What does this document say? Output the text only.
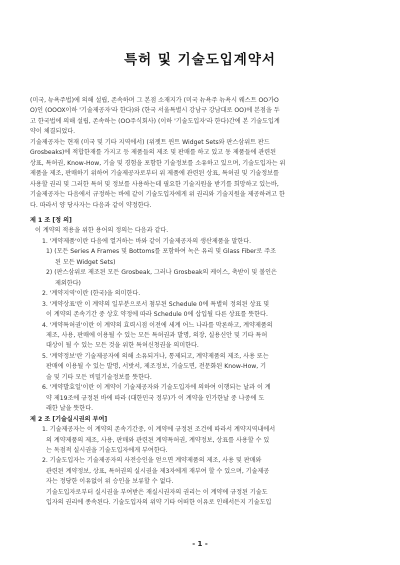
특허 및 기술도입계약서

(미국, 뉴욕주법)에 의해 설립, 존속하며 그 본점 소재지가 (미국 뉴욕주 뉴욕시 웨스트 OO가O

O)인 (OOOX이하 '기술제공자'라 한다)와 (한국 서울특별시 강남구 강남대로 OO)에 본점을 두

고 한국법에 의해 설립, 존속하는 (OO주식회사) (이하 '기술도입자'라 한다)간에 본 기술도입계

약이 체결되었다.

기술제공자는 현재 (미국 및 기타 지역에서) (위젯트 윈트 Widget Sets와 판스삼위트 판드

Grosbeaks)에 적합한재를 가지고 등 제품들의 제조 및 판매를 하고 있고 동 제품들에 관련된

상표, 특허권, Know-How, 기술 및 경험을 포함한 기술정보를 소유하고 있으며, 기술도입자는 위

제품을 제조, 판매하기 위하여 기술제공자로부터 위 제품에 관련된 상표, 특허권 및 기술정보를

사용할 권리 및 그러한 특허 및 정보를 사용하는데 필요한 기술지원을 받기를 희망하고 있는바,

기술제공자는 다음에서 규정하는 바에 같이 기술도입자에게 위 권리와 기술지원을 제공하려고 한

다. 따라서 양 당사자는 다음과 같이 약정한다.

제 1 조 [정 의]

이 계약의 적용을 위한 용어의 정의는 다음과 같다.

1. '계약제품'이란 다음에 열거하는 바와 같이 기술제공자의 생산제품을 말한다.

1) (모든 Series A Frames 및 Bottoms를 포함하여 녹은 유리 및 Glass Fiber로 주조

된 모든 Widget Sets)

2) (판스삼위로 제조된 모든 Grosbeak, 그러나 Grosbeak의 케이스, 축받이 및 볼인은

제외한다)

2. '계약지역'이란 (한국)을 의미한다.

3. '계약상표'란 이 계약의 일부분으로서 첨부된 Schedule 0에 특별히 정의된 상표 및

이 계약의 존속기간 중 상호 약정에 따라 Schedule 0에 삽입될 다른 상표를 뜻한다.

4. '계약특허권'이란 이 계약의 효력시점 이전에 세계 어느 나라를 막론하고, 계약제품의

제조, 사용, 판매에 이용될 수 있는 모든 특허권과 발명, 의장, 실용신안 및 기타 특허

대상이 될 수 있는 모든 것을 위한 특허신청권을 의미한다.

5. '계약정보'란 기술제공자에 의해 소유되거나, 통제되고, 계약제품의 제조, 사용 또는

판매에 이용될 수 있는 발명, 서밧서, 제조정보, 기술도면, 전문화된 Know-How, 기

술 및 기타 모든 비밀기술정보를 뜻한다.

6. '계약발효일'이란 이 계약이 기술제공자와 기술도입자에 의하여 이행되는 날과 이 계

약 제19조에 규정된 바에 따라 (대한민국 정부)가 이 계약을 인가한날 중 나중에 도

래한 날을 뜻한다.

제 2 조 [기술실시권의 부여]

1. 기술제공자는 이 계약의 존속기간중, 이 계약에 규정된 조건에 따라서 계약지역내에서

의 계약제품의 제조, 사용, 판매와 관련된 계약특허권, 계약정보, 상표를 사용할 수 있

는 독점적 실시권을 기술도입자에게 부여한다.

2. 기술도입자는 기술제공자의 사전승인을 얻으면 계약제품의 제조, 사용 및 판매와

관련된 계약정보, 상표, 특허권의 실시권을 제3자에게 재부여 할 수 있으며, 기술제공

자는 정당한 이유없이 위 승인을 보류할 수 없다.

기술도입자로부터 실시권을 부여받은 재실시권자의 권리는 이 계약에 규정된 기술도

입자의 권리에 종속된다. 기술도입자의 위약 기타 어떠한 이유로 인해서든지 기술도입

- 1 -
